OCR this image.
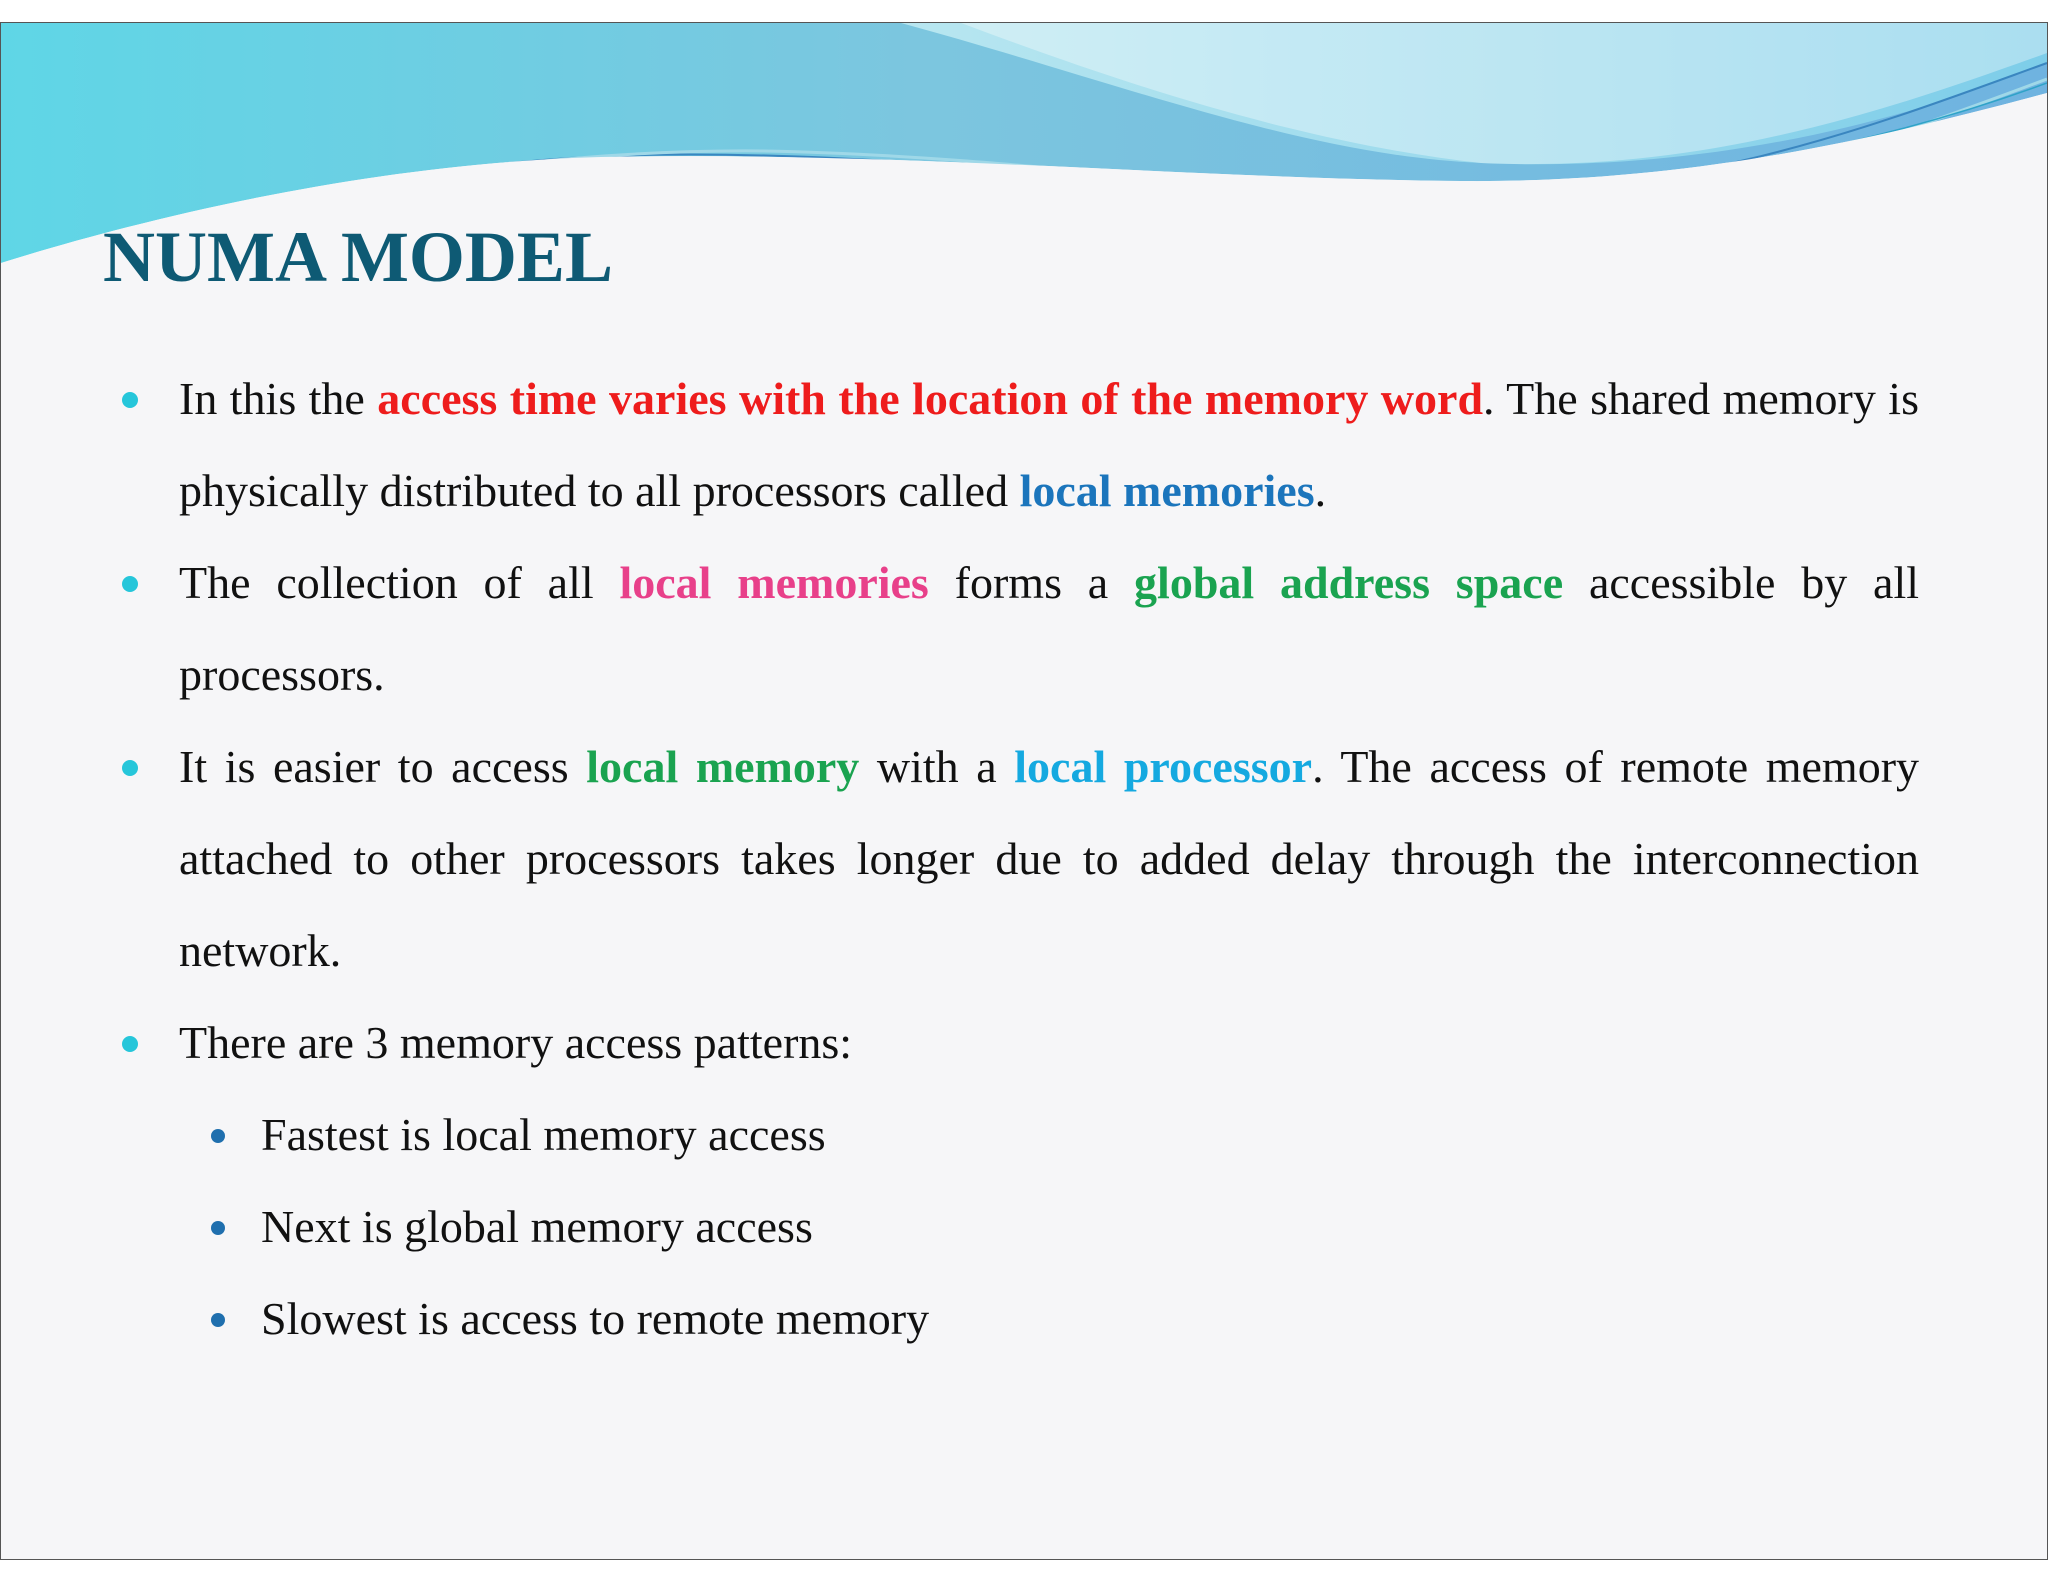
NUMA MODEL
In this the access time varies with the location of the memory word. The shared memory is physically distributed to all processors called local memories.
The collection of all local memories forms a global address space accessible by all processors.
It is easier to access local memory with a local processor. The access of remote memory attached to other processors takes longer due to added delay through the interconnection network.
There are 3 memory access patterns:
Fastest is local memory access
Next is global memory access
Slowest is access to remote memory
